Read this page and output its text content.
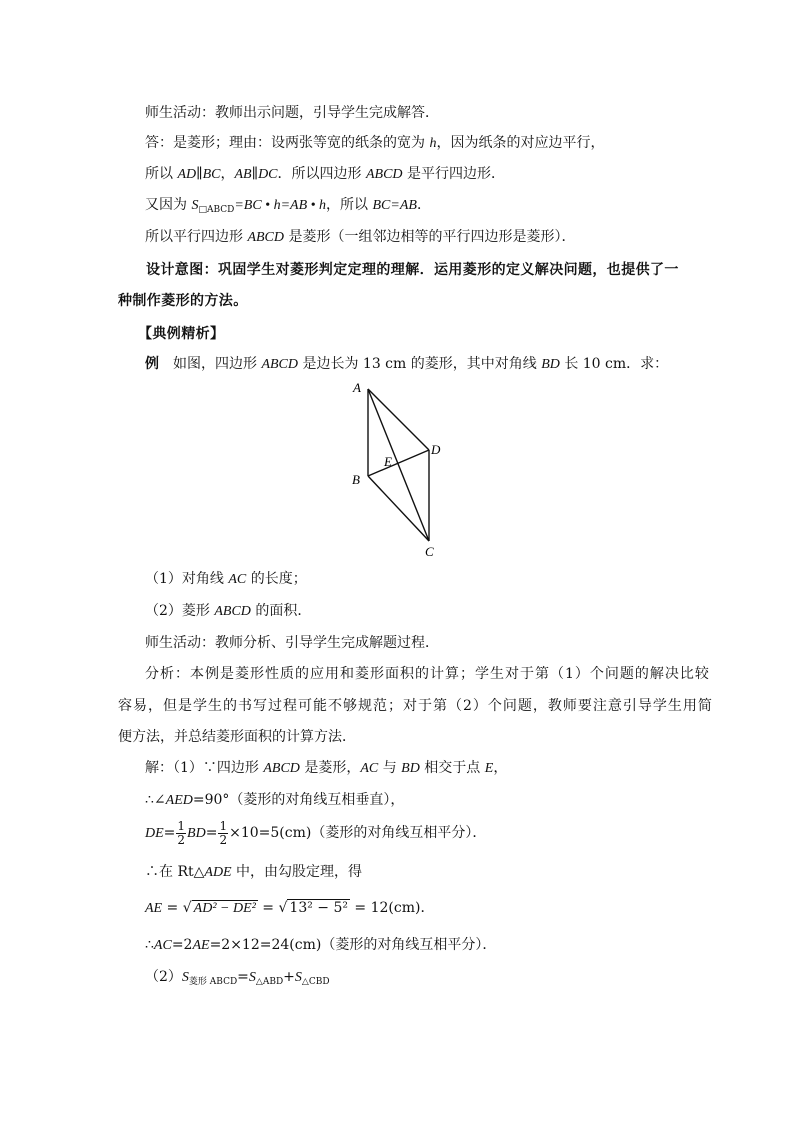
师生活动：教师出示问题，引导学生完成解答．
答：是菱形；理由：设两张等宽的纸条的宽为 h，因为纸条的对应边平行，
所以 AD∥BC，AB∥DC．所以四边形 ABCD 是平行四边形．
又因为 $S_{□ABCD}=BC$ • h=AB • h，所以 BC=AB．
所以平行四边形 ABCD 是菱形（一组邻边相等的平行四边形是菱形）．
设计意图：巩固学生对菱形判定定理的理解．运用菱形的定义解决问题，也提供了一
种制作菱形的方法。
【典例精析】
例 如图，四边形 ABCD 是边长为 13 cm 的菱形，其中对角线 BD 长 10 cm．求：
A
B
C
D
E
（1）对角线 AC 的长度；
（2）菱形 ABCD 的面积．
师生活动：教师分析、引导学生完成解题过程．
分析：本例是菱形性质的应用和菱形面积的计算；学生对于第（1）个问题的解决比较
容易，但是学生的书写过程可能不够规范；对于第（2）个问题，教师要注意引导学生用简
便方法，并总结菱形面积的计算方法．
解：（1）∵四边形 ABCD 是菱形，AC 与 BD 相交于点 E，
∴∠AED=90°（菱形的对角线互相垂直），
$DE= \frac{1}{2} BD= \frac{1}{2} \times 10=5(cm)$（菱形的对角线互相平分）．
∴在 Rt△ADE 中，由勾股定理，得
AE = √ AD² − DE² = √ 13² − 5² = 12(cm)．
∴AC=2AE=2×12=24(cm)（菱形的对角线互相平分）．
$(2)S_{菱形 ABCD}=S_{\triangle ABD}+S_{\triangle CBD}$
